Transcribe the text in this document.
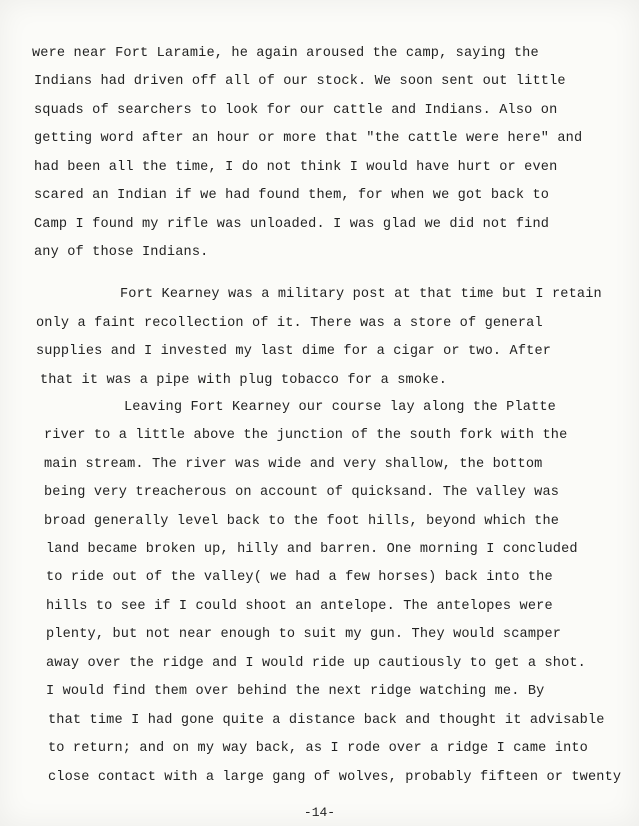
were near Fort Laramie, he again aroused the camp, saying the
Indians had driven off all of our stock. We soon sent out little
squads of searchers to look for our cattle and Indians. Also on
getting word after an hour or more that "the cattle were here" and
had been all the time, I do not think I would have hurt or even
scared an Indian if we had found them, for when we got back to
Camp I found my rifle was unloaded. I was glad we did not find
any of those Indians.
Fort Kearney was a military post at that time but I retain
only a faint recollection of it. There was a store of general
supplies and I invested my last dime for a cigar or two. After
that it was a pipe with plug tobacco for a smoke.
Leaving Fort Kearney our course lay along the Platte
river to a little above the junction of the south fork with the
main stream. The river was wide and very shallow, the bottom
being very treacherous on account of quicksand. The valley was
broad generally level back to the foot hills, beyond which the
land became broken up, hilly and barren. One morning I concluded
to ride out of the valley( we had a few horses) back into the
hills to see if I could shoot an antelope. The antelopes were
plenty, but not near enough to suit my gun. They would scamper
away over the ridge and I would ride up cautiously to get a shot.
I would find them over behind the next ridge watching me. By
that time I had gone quite a distance back and thought it advisable
to return; and on my way back, as I rode over a ridge I came into
close contact with a large gang of wolves, probably fifteen or twenty
-14-
